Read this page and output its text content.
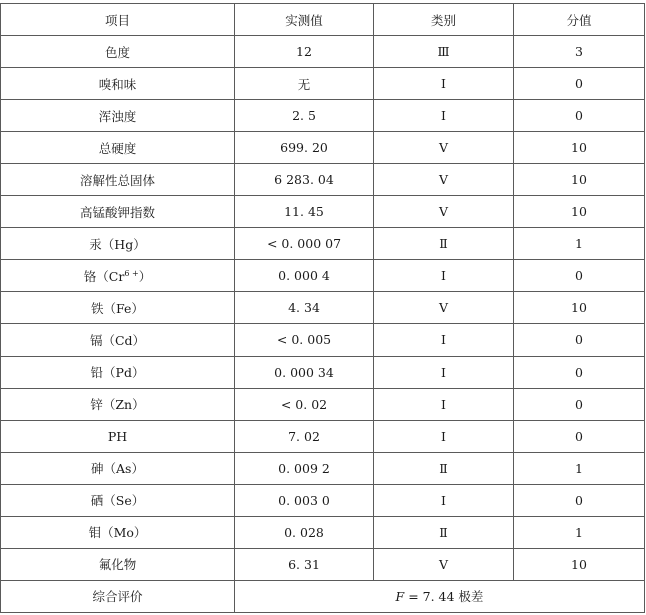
项目	实测值	类别	分值
色度	12	Ⅲ	3
嗅和味	无	Ⅰ	0
浑浊度	2. 5	Ⅰ	0
总硬度	699. 20	Ⅴ	10
溶解性总固体	6 283. 04	Ⅴ	10
高锰酸钾指数	11. 45	Ⅴ	10
汞（Hg）	< 0. 000 07	Ⅱ	1
铬$(Cr^{6 +})$	0. 000 4	Ⅰ	0
铁（Fe）	4. 34	Ⅴ	10
镉（Cd）	< 0. 005	Ⅰ	0
铅（Pd）	0. 000 34	Ⅰ	0
锌（Zn）	< 0. 02	Ⅰ	0
PH	7. 02	Ⅰ	0
砷（As）	0. 009 2	Ⅱ	1
硒（Se）	0. 003 0	Ⅰ	0
钼（Mo）	0. 028	Ⅱ	1
氟化物	6. 31	Ⅴ	10
综合评价	F = 7. 44 极差		
